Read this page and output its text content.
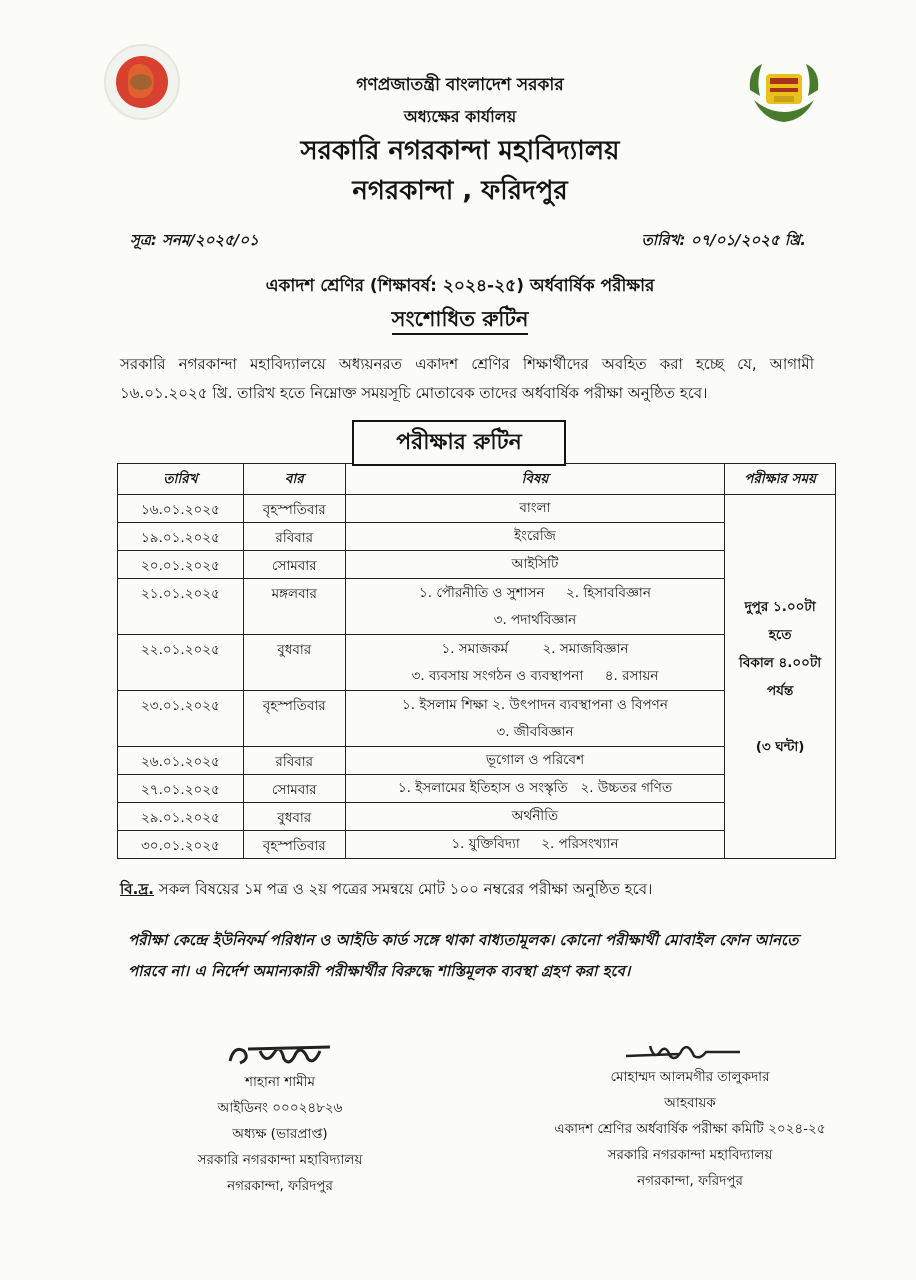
গণপ্রজাতন্ত্রী বাংলাদেশ সরকার
অধ্যক্ষের কার্যালয়
সরকারি নগরকান্দা মহাবিদ্যালয়
নগরকান্দা , ফরিদপুর
সূত্র: সনম/২০২৫/০১	তারিখ: ০৭/০১/২০২৫ খ্রি.
একাদশ শ্রেণির (শিক্ষাবর্ষ: ২০২৪-২৫) অর্ধবার্ষিক পরীক্ষার
সংশোধিত রুটিন
সরকারি নগরকান্দা মহাবিদ্যালয়ে অধ্যয়নরত একাদশ শ্রেণির শিক্ষার্থীদের অবহিত করা হচ্ছে যে, আগামী ১৬.০১.২০২৫ খ্রি. তারিখ হতে নিম্নোক্ত সময়সূচি মোতাবেক তাদের অর্ধবার্ষিক পরীক্ষা অনুষ্ঠিত হবে।
পরীক্ষার রুটিন
তারিখ	বার	বিষয়	পরীক্ষার সময়
১৬.০১.২০২৫	বৃহস্পতিবার	বাংলা	দুপুর ১.০০টা
হতে
বিকাল ৪.০০টা
পর্যন্ত
(৩ ঘন্টা)

১৯.০১.২০২৫	রবিবার	ইংরেজি	

২০.০১.২০২৫	সোমবার	আইসিটি	

২১.০১.২০২৫	মঙ্গলবার	১. পৌরনীতি ও সুশাসন     ২. হিসাববিজ্ঞান
৩. পদার্থবিজ্ঞান	

২২.০১.২০২৫	বুধবার	১. সমাজকর্ম        ২. সমাজবিজ্ঞান
৩. ব্যবসায় সংগঠন ও ব্যবস্থাপনা     ৪. রসায়ন	

২৩.০১.২০২৫	বৃহস্পতিবার	১. ইসলাম শিক্ষা ২. উৎপাদন ব্যবস্থাপনা ও বিপণন
৩. জীববিজ্ঞান	

২৬.০১.২০২৫	রবিবার	ভূগোল ও পরিবেশ	

২৭.০১.২০২৫	সোমবার	১. ইসলামের ইতিহাস ও সংস্কৃতি   ২. উচ্চতর গণিত	

২৯.০১.২০২৫	বুধবার	অর্থনীতি	

৩০.০১.২০২৫	বৃহস্পতিবার	১. যুক্তিবিদ্যা     ২. পরিসংখ্যান	
বি.দ্র. সকল বিষয়ের ১ম পত্র ও ২য় পত্রের সমন্বয়ে মোট ১০০ নম্বরের পরীক্ষা অনুষ্ঠিত হবে।
পরীক্ষা কেন্দ্রে ইউনিফর্ম পরিধান ও আইডি কার্ড সঙ্গে থাকা বাধ্যতামূলক। কোনো পরীক্ষার্থী মোবাইল ফোন আনতে পারবে না। এ নির্দেশ অমান্যকারী পরীক্ষার্থীর বিরুদ্ধে শাস্তিমূলক ব্যবস্থা গ্রহণ করা হবে।
শাহানা শামীম
আইডিনং ০০০২৪৮২৬
অধ্যক্ষ (ভারপ্রাপ্ত)
সরকারি নগরকান্দা মহাবিদ্যালয়
নগরকান্দা, ফরিদপুর
মোহাম্মদ আলমগীর তালুকদার
আহবায়ক
একাদশ শ্রেণির অর্ধবার্ষিক পরীক্ষা কমিটি ২০২৪-২৫
সরকারি নগরকান্দা মহাবিদ্যালয়
নগরকান্দা, ফরিদপুর
